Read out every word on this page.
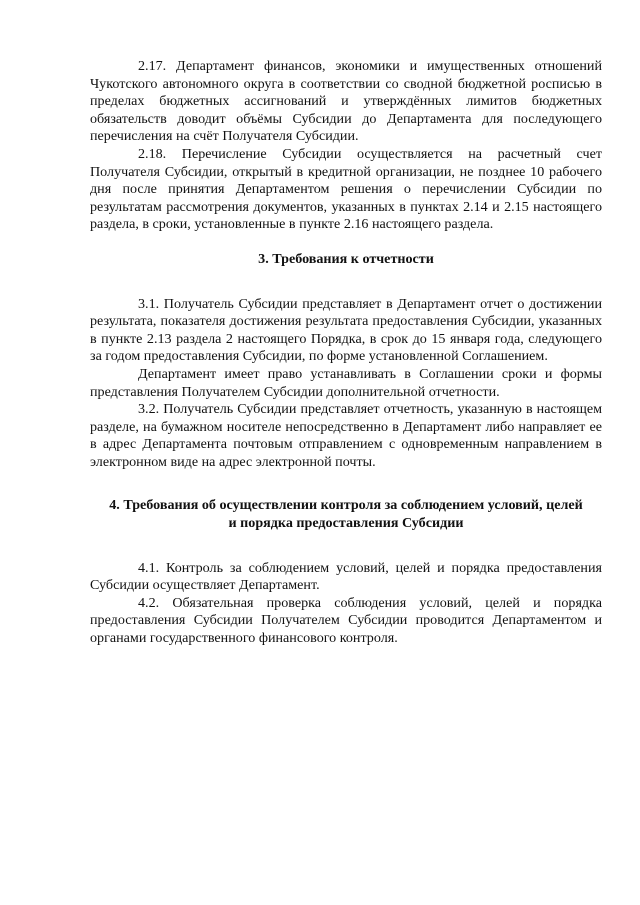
2.17. Департамент финансов, экономики и имущественных отношений Чукотского автономного округа в соответствии со сводной бюджетной росписью в пределах бюджетных ассигнований и утверждённых лимитов бюджетных обязательств доводит объёмы Субсидии до Департамента для последующего перечисления на счёт Получателя Субсидии.

2.18. Перечисление Субсидии осуществляется на расчетный счет Получателя Субсидии, открытый в кредитной организации, не позднее 10 рабочего дня после принятия Департаментом решения о перечислении Субсидии по результатам рассмотрения документов, указанных в пунктах 2.14 и 2.15 настоящего раздела, в сроки, установленные в пункте 2.16 настоящего раздела.

3. Требования к отчетности

3.1. Получатель Субсидии представляет в Департамент отчет о достижении результата, показателя достижения результата предоставления Субсидии, указанных в пункте 2.13 раздела 2 настоящего Порядка, в срок до 15 января года, следующего за годом предоставления Субсидии, по форме установленной Соглашением.

Департамент имеет право устанавливать в Соглашении сроки и формы представления Получателем Субсидии дополнительной отчетности.

3.2. Получатель Субсидии представляет отчетность, указанную в настоящем разделе, на бумажном носителе непосредственно в Департамент либо направляет ее в адрес Департамента почтовым отправлением с одновременным направлением в электронном виде на адрес электронной почты.

4. Требования об осуществлении контроля за соблюдением условий, целей
и порядка предоставления Субсидии

4.1. Контроль за соблюдением условий, целей и порядка предоставления Субсидии осуществляет Департамент.

4.2. Обязательная проверка соблюдения условий, целей и порядка предоставления Субсидии Получателем Субсидии проводится Департаментом и органами государственного финансового контроля.
